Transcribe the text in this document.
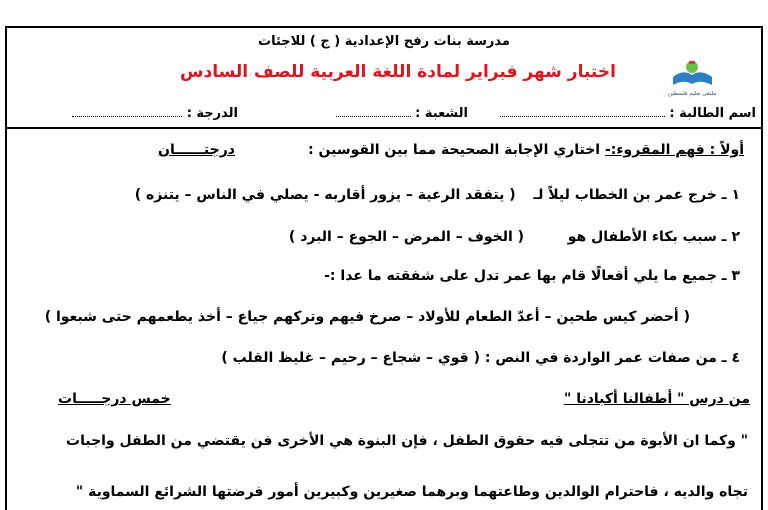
مدرسة بنات رفح الإعدادية ( ج ) للاجئات
ملتقى تعليم فلسطين
اختبار شهر فبراير لمادة اللغة العربية للصف السادس
اسم الطالبة :
الشعبة :
الدرجة :
أولاً : فهم المقروء:- اختاري الإجابة الصحيحة مما بين القوسين :
درجتــــــان
١ ـ خرج عمر بن الخطاب ليلاً لـ  ( يتفقد الرعية – يزور أقاربه - يصلي في الناس – يتنزه )
٢ ـ سبب بكاء الأطفال هو  ( الخوف – المرض – الجوع – البرد )
٣ ـ جميع ما يلي أفعالًا قام بها عمر تدل على شفقته ما عدا :-
( أحضر كيس طحين – أعدّ الطعام للأولاد – صرخ فيهم وتركهم جياع – أخذ يطعمهم حتى شبعوا )
٤ ـ من صفات عمر الواردة في النص : ( قوي – شجاع – رحيم – غليظ القلب )
من درس " أطفالنا أكبادنا "
خمس درجـــــات
" وكما ان الأبوة من تتجلى فيه حقوق الطفل ، فإن البنوة هي الأخرى فن يقتضي من الطفل واجبات
تجاه والديه ، فاحترام الوالدين وطاعتهما وبرهما صغيرين وكبيرين أمور فرضتها الشرائع السماوية "
